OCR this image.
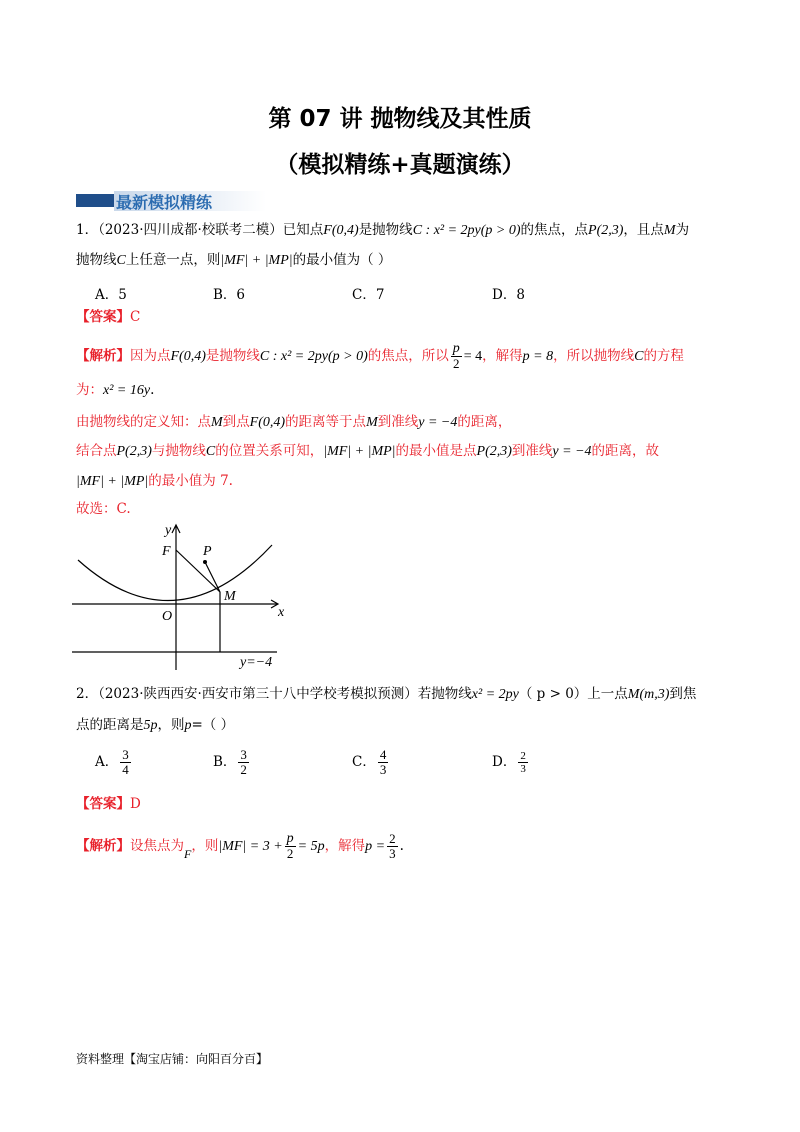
第 07 讲 抛物线及其性质
（模拟精练+真题演练）
最新模拟精练
1．（2023·四川成都·校联考二模）已知点F(0,4)是抛物线C : x² = 2py(p > 0)的焦点，点P(2,3)，且点M为
抛物线C上任意一点，则|MF| + |MP|的最小值为（ ）
A．5	B．6	C．7	D．8
【答案】C
【解析】因为点F(0,4)是抛物线C : x² = 2py(p > 0)的焦点，所以 $\frac{p}{2} = 4$，解得p = 8，所以抛物线C的方程
为：x² = 16y.
由抛物线的定义知：点M到点F(0,4)的距离等于点M到准线y = −4的距离，
结合点P(2,3)与抛物线C的位置关系可知，|MF| + |MP|的最小值是点P(2,3)到准线y = −4的距离，故
|MF| + |MP|的最小值为 7.
故选：C.
y
x
O
F P
M
y=−4
2．（2023·陕西西安·西安市第三十八中学校考模拟预测）若抛物线x² = 2py（ p > 0）上一点M(m,3)到焦
点的距离是5p，则p=（ ）
A． $\frac{3}{4}$	B． $\frac{3}{2}$	C． $\frac{4}{3}$	D． $\frac{2}{3}$
【答案】D
【解析】设焦点为F，则$|MF| = 3 + \frac{p}{2} = 5p$，解得$p = \frac{2}{3}$ .
资料整理【淘宝店铺：向阳百分百】
